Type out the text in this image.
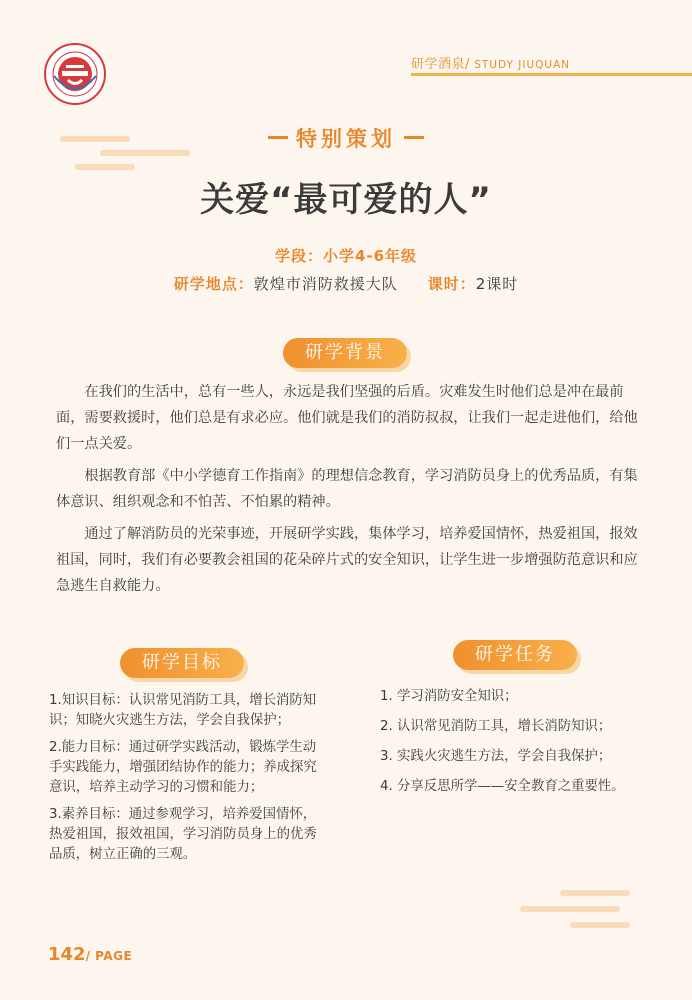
研学酒泉/ STUDY JIUQUAN
特别策划
关爱“最可爱的人”
学段：小学4-6年级
研学地点：敦煌市消防救援大队 课时：2课时
研学背景

在我们的生活中，总有一些人，永远是我们坚强的后盾。灾难发生时他们总是冲在最前面，需要救援时，他们总是有求必应。他们就是我们的消防叔叔，让我们一起走进他们，给他们一点关爱。

根据教育部《中小学德育工作指南》的理想信念教育，学习消防员身上的优秀品质，有集体意识、组织观念和不怕苦、不怕累的精神。

通过了解消防员的光荣事迹，开展研学实践，集体学习，培养爱国情怀，热爱祖国，报效祖国，同时，我们有必要教会祖国的花朵碎片式的安全知识，让学生进一步增强防范意识和应急逃生自救能力。

研学目标

1.知识目标：认识常见消防工具，增长消防知识；知晓火灾逃生方法，学会自我保护；

2.能力目标：通过研学实践活动，锻炼学生动手实践能力，增强团结协作的能力；养成探究意识，培养主动学习的习惯和能力；

3.素养目标：通过参观学习，培养爱国情怀，热爱祖国，报效祖国，学习消防员身上的优秀品质，树立正确的三观。

研学任务

1. 学习消防安全知识；

2. 认识常见消防工具，增长消防知识；

3. 实践火灾逃生方法，学会自我保护；

4. 分享反思所学——安全教育之重要性。

142/ PAGE
